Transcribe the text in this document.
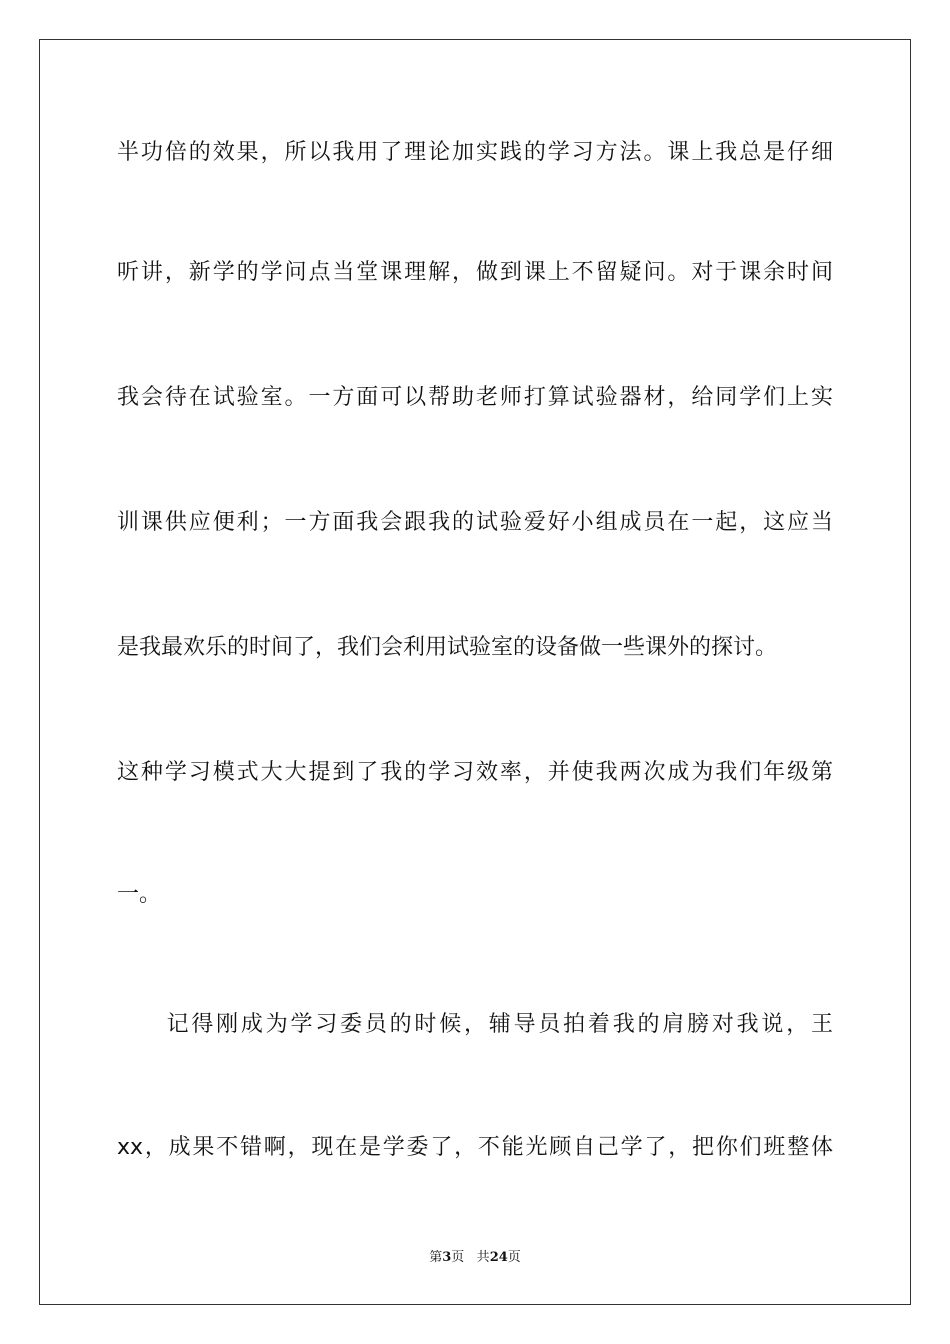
半功倍的效果，所以我用了理论加实践的学习方法。课上我总是仔细
听讲，新学的学问点当堂课理解，做到课上不留疑问。对于课余时间
我会待在试验室。一方面可以帮助老师打算试验器材，给同学们上实
训课供应便利；一方面我会跟我的试验爱好小组成员在一起，这应当
是我最欢乐的时间了，我们会利用试验室的设备做一些课外的探讨。
这种学习模式大大提到了我的学习效率，并使我两次成为我们年级第
一。
　　记得刚成为学习委员的时候，辅导员拍着我的肩膀对我说，王
xx，成果不错啊，现在是学委了，不能光顾自己学了，把你们班整体
第3页 共24页
